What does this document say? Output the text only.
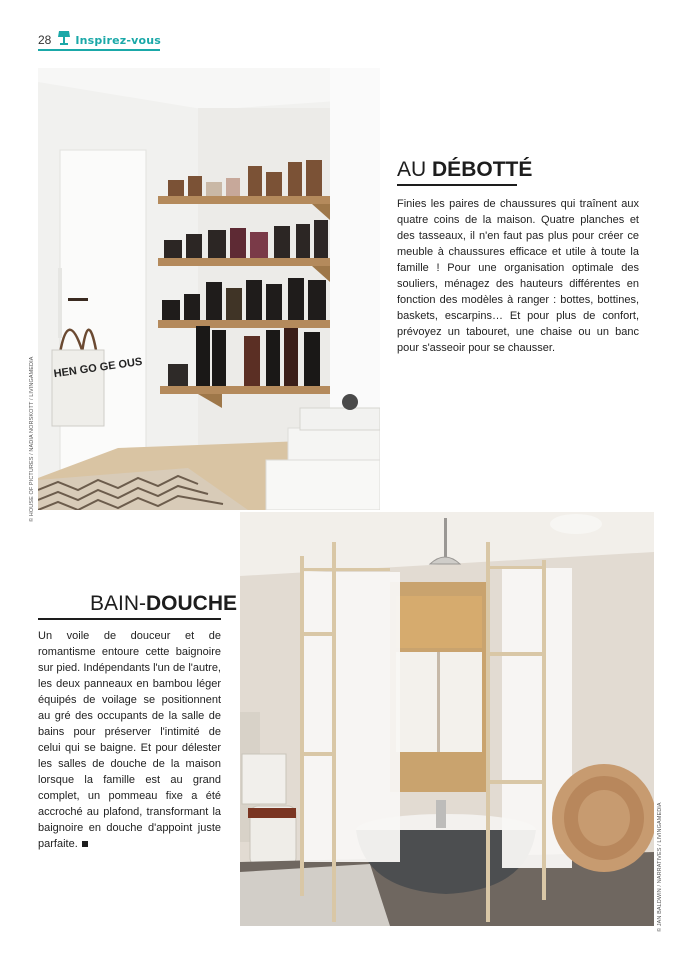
28 Inspirez-vous
HEN GO GE OUS
© HOUSE OF PICTURES / NADIA NORSKOTT / LIVINGAMEDIA
AU DÉBOTTÉ
Finies les paires de chaussures qui traînent aux quatre coins de la maison. Quatre planches et des tasseaux, il n'en faut pas plus pour créer ce meuble à chaussures efficace et utile à toute la famille ! Pour une organisation optimale des souliers, ménagez des hauteurs différentes en fonction des modèles à ranger : bottes, bottines, baskets, escarpins… Et pour plus de confort, prévoyez un tabouret, une chaise ou un banc pour s'asseoir pour se chausser.
© JAN BALDWIN / NARRATIVES / LIVINGAMEDIA
BAIN-DOUCHE
Un voile de douceur et de romantisme entoure cette baignoire sur pied. Indépendants l'un de l'autre, les deux panneaux en bambou léger équipés de voilage se positionnent au gré des occupants de la salle de bains pour préserver l'intimité de celui qui se baigne. Et pour délester les salles de douche de la maison lorsque la famille est au grand complet, un pommeau fixe a été accroché au plafond, transformant la baignoire en douche d'appoint juste parfaite.
